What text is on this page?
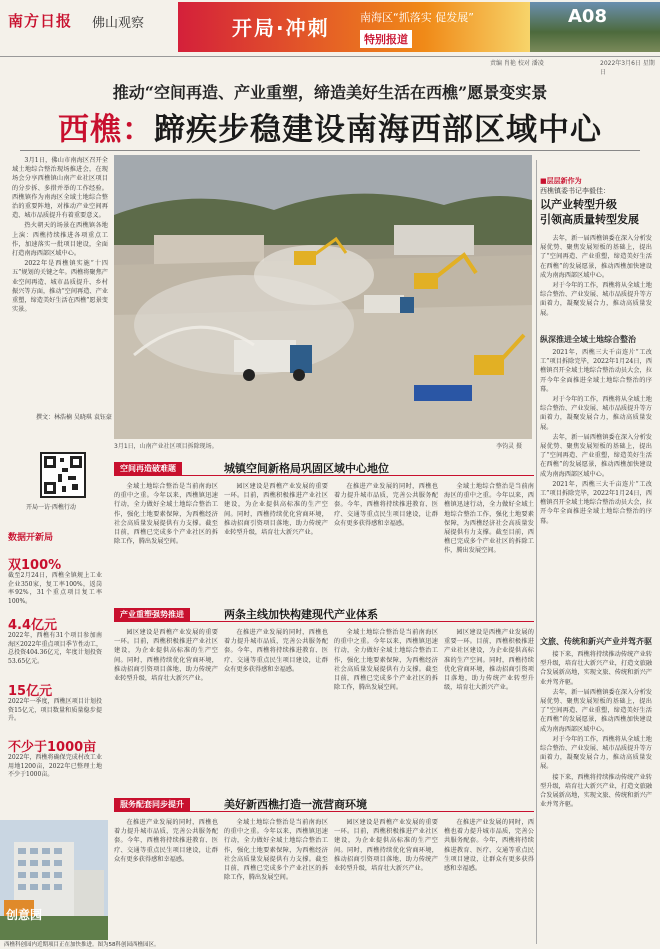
南方日报 佛山观察	开局·冲刺	南海区“抓落实 促发展”
特别报道
A08
责编 肖艳 校对 潘凌	2022年3月6日 星期日
推动“空间再造、产业重塑，缔造美好生活在西樵”愿景变实景
西樵：蹄疾步稳建设南海西部区域中心

3月1日，佛山市南海区召开全域土地综合整治现场推进会，在现场会分享西樵镇山南产业社区项目的分步拆、多措并举的工作经验。西樵镇作为南海区全域土地综合整治的重要阵地，对推动产业空间再造、城市品质提升有着重要意义。

热火朝天的场景在西樵镇各地上演：西樵持续推进各项重点工作，加速落实一批项目建设，全面打造南海西部区域中心。

2022年是西樵镇实施“十四五”规划的关键之年。西樵将聚焦产业空间再造、城市品质提升、乡村振兴等方面，推动“空间再造、产业重塑，缔造美好生活在西樵”愿景变实景。

撰文：林浩楠 吴晓琪 袁钰豪
开局一访·西樵行动
数据开新局
双100%
截至2月24日，西樵全镇规上工业企业350家，复工率100%，返岗率92%，31个重点项目复工率100%。
4.4亿元
2022年，西樵有31个项目参加南海区2022年重点项目季节性动工，总投资404.36亿元，年度计划投资53.65亿元。
15亿元
2022年一季度，西樵区项目计划投资15亿元，项目数量和质量稳步提升。
不少于1000亩
2022年，西樵将确保完成村改工业用地1200亩，2022年已整理土地不少于1000亩。
3月1日，山南产业社区项目拆除现场。	李钧灵 摄
空间再造破难题	城镇空间新格局巩固区域中心地位

全域土地综合整治是当前南海区的重中之重。今年以来，西樵镇迅速行动，全力做好全域土地综合整治工作，强化土地要素保障，为西樵经济社会高质量发展提供有力支撑。截至目前，西樵已完成多个产业社区的拆除工作，腾出发展空间。

园区建设是西樵产业发展的重要一环。目前，西樵积极推进产业社区建设，为企业提供高标准的生产空间。同时，西樵持续优化营商环境，推动招商引资项目落地，助力传统产业转型升级，培育壮大新兴产业。

在推进产业发展的同时，西樵也着力提升城市品质，完善公共服务配套。今年，西樵将持续推进教育、医疗、交通等重点民生项目建设，让群众有更多获得感和幸福感。

全域土地综合整治是当前南海区的重中之重。今年以来，西樵镇迅速行动，全力做好全域土地综合整治工作，强化土地要素保障，为西樵经济社会高质量发展提供有力支撑。截至目前，西樵已完成多个产业社区的拆除工作，腾出发展空间。

产业重塑强势推进	两条主线加快构建现代产业体系

园区建设是西樵产业发展的重要一环。目前，西樵积极推进产业社区建设，为企业提供高标准的生产空间。同时，西樵持续优化营商环境，推动招商引资项目落地，助力传统产业转型升级，培育壮大新兴产业。

在推进产业发展的同时，西樵也着力提升城市品质，完善公共服务配套。今年，西樵将持续推进教育、医疗、交通等重点民生项目建设，让群众有更多获得感和幸福感。

全域土地综合整治是当前南海区的重中之重。今年以来，西樵镇迅速行动，全力做好全域土地综合整治工作，强化土地要素保障，为西樵经济社会高质量发展提供有力支撑。截至目前，西樵已完成多个产业社区的拆除工作，腾出发展空间。

园区建设是西樵产业发展的重要一环。目前，西樵积极推进产业社区建设，为企业提供高标准的生产空间。同时，西樵持续优化营商环境，推动招商引资项目落地，助力传统产业转型升级，培育壮大新兴产业。

服务配套同步提升	美好新西樵打造一流营商环境

在推进产业发展的同时，西樵也着力提升城市品质，完善公共服务配套。今年，西樵将持续推进教育、医疗、交通等重点民生项目建设，让群众有更多获得感和幸福感。

全域土地综合整治是当前南海区的重中之重。今年以来，西樵镇迅速行动，全力做好全域土地综合整治工作，强化土地要素保障，为西樵经济社会高质量发展提供有力支撑。截至目前，西樵已完成多个产业社区的拆除工作，腾出发展空间。

园区建设是西樵产业发展的重要一环。目前，西樵积极推进产业社区建设，为企业提供高标准的生产空间。同时，西樵持续优化营商环境，推动招商引资项目落地，助力传统产业转型升级，培育壮大新兴产业。

在推进产业发展的同时，西樵也着力提升城市品质，完善公共服务配套。今年，西樵将持续推进教育、医疗、交通等重点民生项目建设，让群众有更多获得感和幸福感。

创意园
西樵科创园内近期项目正在加快推进。图为58科创园西樵园区。
■层层新作为
西樵镇委书记李毅佳：
以产业转型升级
引领高质量转型发展

去年，新一届西樵镇委在深入分析发展优势、聚焦发展短板的基础上，提出了“空间再造、产业重塑，缔造美好生活在西樵”的发展愿景，推动西樵加快建设成为南海西部区域中心。

对于今年的工作，西樵将从全域土地综合整治、产业发展、城市品质提升等方面着力，凝聚发展合力，推动高质量发展。

纵深推进全域土地综合整治

2021年，西樵三大千亩连片“工改工”项目拆除完毕，2022年1月24日，西樵镇召开全域土地综合整治动员大会，拉开今年全面推进全域土地综合整治的序幕。

对于今年的工作，西樵将从全域土地综合整治、产业发展、城市品质提升等方面着力，凝聚发展合力，推动高质量发展。

去年，新一届西樵镇委在深入分析发展优势、聚焦发展短板的基础上，提出了“空间再造、产业重塑，缔造美好生活在西樵”的发展愿景，推动西樵加快建设成为南海西部区域中心。

2021年，西樵三大千亩连片“工改工”项目拆除完毕，2022年1月24日，西樵镇召开全域土地综合整治动员大会，拉开今年全面推进全域土地综合整治的序幕。

文旅、传统和新兴产业并驾齐驱

接下来，西樵将持续推动传统产业转型升级，培育壮大新兴产业，打造文旅融合发展新高地，实现文旅、传统和新兴产业并驾齐驱。

去年，新一届西樵镇委在深入分析发展优势、聚焦发展短板的基础上，提出了“空间再造、产业重塑，缔造美好生活在西樵”的发展愿景，推动西樵加快建设成为南海西部区域中心。

对于今年的工作，西樵将从全域土地综合整治、产业发展、城市品质提升等方面着力，凝聚发展合力，推动高质量发展。

接下来，西樵将持续推动传统产业转型升级，培育壮大新兴产业，打造文旅融合发展新高地，实现文旅、传统和新兴产业并驾齐驱。
